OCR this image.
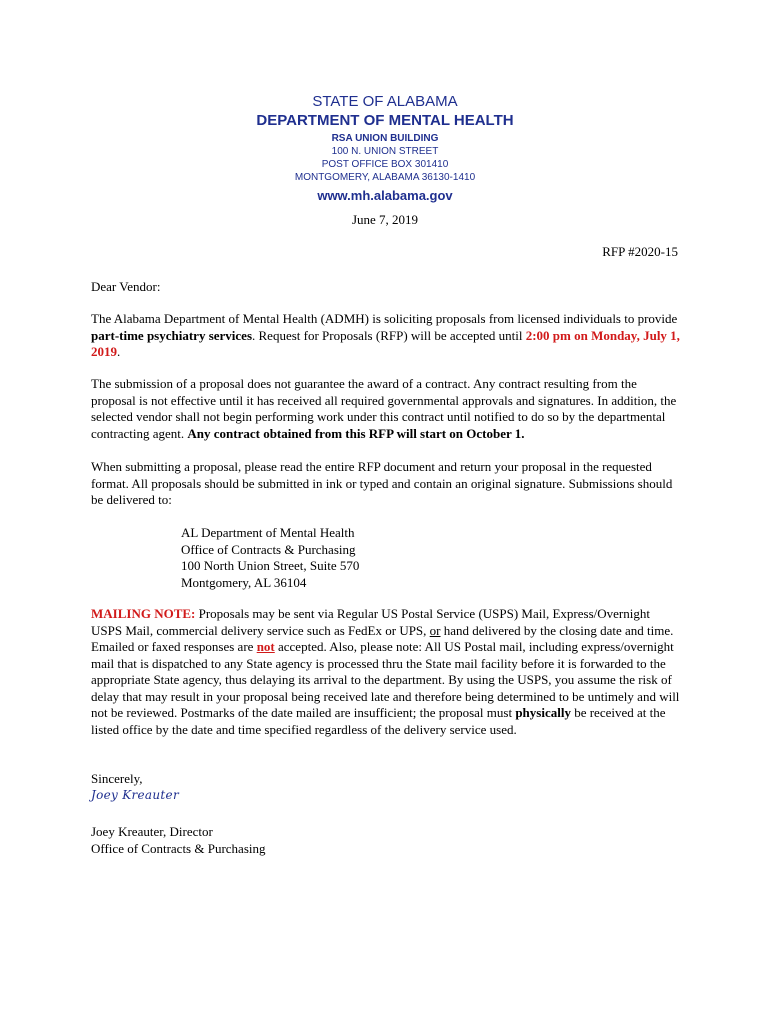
STATE OF ALABAMA
DEPARTMENT OF MENTAL HEALTH
RSA UNION BUILDING
100 N. UNION STREET
POST OFFICE BOX 301410
MONTGOMERY, ALABAMA 36130-1410
www.mh.alabama.gov
June 7, 2019
RFP #2020-15
Dear Vendor:

The Alabama Department of Mental Health (ADMH) is soliciting proposals from licensed individuals to provide part-time psychiatry services. Request for Proposals (RFP) will be accepted until 2:00 pm on Monday, July 1, 2019.

The submission of a proposal does not guarantee the award of a contract. Any contract resulting from the proposal is not effective until it has received all required governmental approvals and signatures. In addition, the selected vendor shall not begin performing work under this contract until notified to do so by the departmental contracting agent. Any contract obtained from this RFP will start on October 1.

When submitting a proposal, please read the entire RFP document and return your proposal in the requested format. All proposals should be submitted in ink or typed and contain an original signature. Submissions should be delivered to:

AL Department of Mental Health
Office of Contracts & Purchasing
100 North Union Street, Suite 570
Montgomery, AL 36104

MAILING NOTE: Proposals may be sent via Regular US Postal Service (USPS) Mail, Express/Overnight USPS Mail, commercial delivery service such as FedEx or UPS, or hand delivered by the closing date and time. Emailed or faxed responses are not accepted. Also, please note: All US Postal mail, including express/overnight mail that is dispatched to any State agency is processed thru the State mail facility before it is forwarded to the appropriate State agency, thus delaying its arrival to the department. By using the USPS, you assume the risk of delay that may result in your proposal being received late and therefore being determined to be untimely and will not be reviewed. Postmarks of the date mailed are insufficient; the proposal must physically be received at the listed office by the date and time specified regardless of the delivery service used.

Sincerely,
Joey Kreauter
Joey Kreauter, Director
Office of Contracts & Purchasing
